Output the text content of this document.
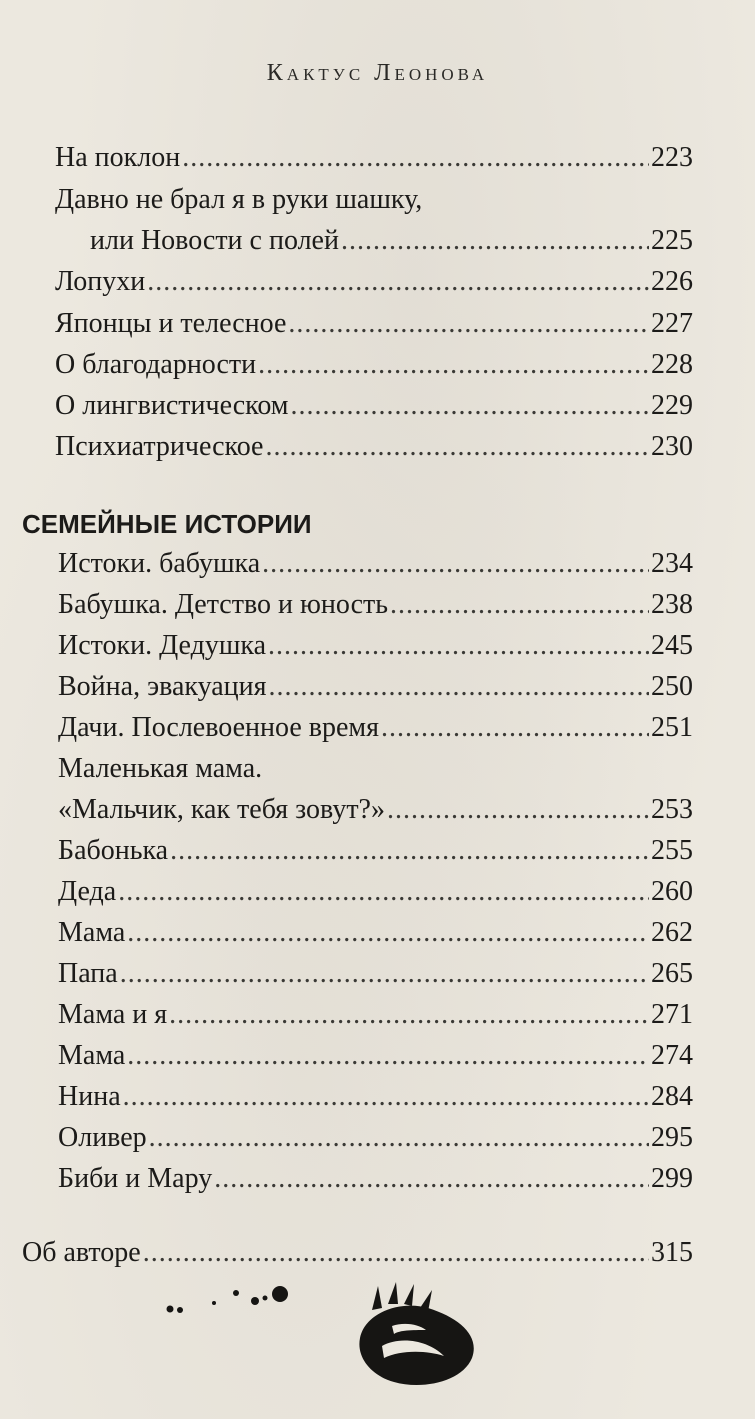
Кактус Леонова
На поклон .....	223
Давно не брал я в руки шашку,
или Новости с полей .....	225
Лопухи .....	226
Японцы и телесное .....	227
О благодарности .....	228
О лингвистическом .....	229
Психиатрическое .....	230
СЕМЕЙНЫЕ ИСТОРИИ
Истоки. бабушка .....	234
Бабушка. Детство и юность .....	238
Истоки. Дедушка .....	245
Война, эвакуация .....	250
Дачи. Послевоенное время .....	251
Маленькая мама.
«Мальчик, как тебя зовут?» .....	253
Бабонька .....	255
Деда .....	260
Мама .....	262
Папа .....	265
Мама и я .....	271
Мама .....	274
Нина .....	284
Оливер .....	295
Биби и Мару .....	299
Об авторе .....	315
